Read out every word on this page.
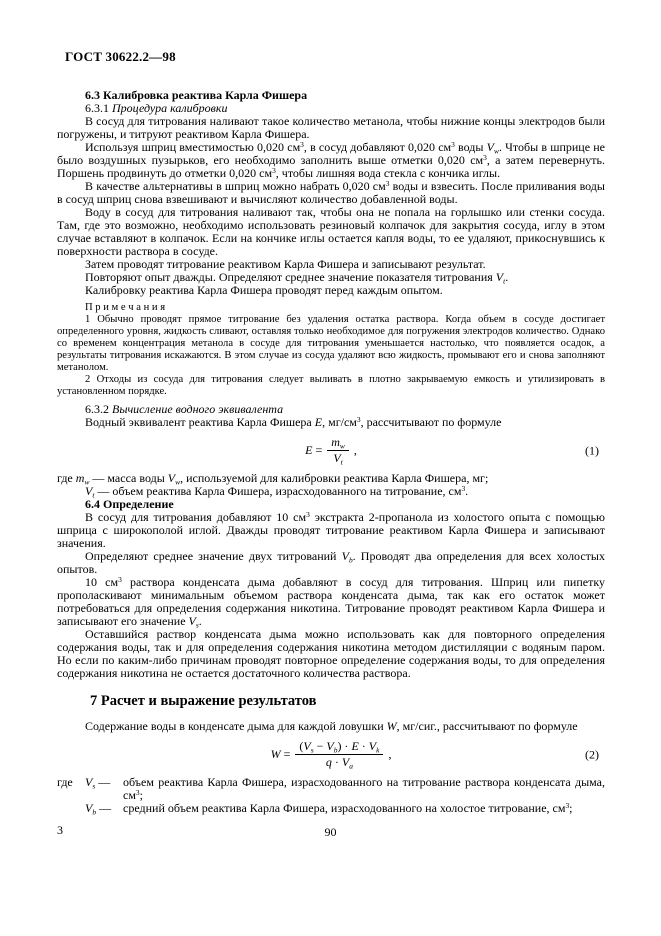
ГОСТ 30622.2—98

6.3 Калибровка реактива Карла Фишера

6.3.1 Процедура калибровки

В сосуд для титрования наливают такое количество метанола, чтобы нижние концы электродов были погружены, и титруют реактивом Карла Фишера.

Используя шприц вместимостью 0,020 $см^3$, в сосуд добавляют 0,020 $см^3$ воды $V_w$. Чтобы в шприце не было воздушных пузырьков, его необходимо заполнить выше отметки 0,020 $см^3$, а затем перевернуть. Поршень продвинуть до отметки 0,020 $см^3$, чтобы лишняя вода стекла с кончика иглы.

В качестве альтернативы в шприц можно набрать 0,020 $см^3$ воды и взвесить. После приливания воды в сосуд шприц снова взвешивают и вычисляют количество добавленной воды.

Воду в сосуд для титрования наливают так, чтобы она не попала на горлышко или стенки сосуда. Там, где это возможно, необходимо использовать резиновый колпачок для закрытия сосуда, иглу в этом случае вставляют в колпачок. Если на кончике иглы остается капля воды, то ее удаляют, прикоснувшись к поверхности раствора в сосуде.

Затем проводят титрование реактивом Карла Фишера и записывают результат.

Повторяют опыт дважды. Определяют среднее значение показателя титрования $V_t$.

Калибровку реактива Карла Фишера проводят перед каждым опытом.

П р и м е ч а н и я

1 Обычно проводят прямое титрование без удаления остатка раствора. Когда объем в сосуде достигает определенного уровня, жидкость сливают, оставляя только необходимое для погружения электродов количество. Однако со временем концентрация метанола в сосуде для титрования уменьшается настолько, что появляется осадок, а результаты титрования искажаются. В этом случае из сосуда удаляют всю жидкость, промывают его и снова заполняют метанолом.

2 Отходы из сосуда для титрования следует выливать в плотно закрываемую емкость и утилизировать в установленном порядке.

6.3.2 Вычисление водного эквивалента

Водный эквивалент реактива Карла Фишера E, $мг/см^3$, рассчитывают по формуле

$E = \frac{m_w}{V_t}$ ,	(1)

где $m_w$ — масса воды $V_w$, используемой для калибровки реактива Карла Фишера, мг;

$V_t$ — объем реактива Карла Фишера, израсходованного на титрование, $см^3$.

6.4 Определение

В сосуд для титрования добавляют 10 $см^3$ экстракта 2-пропанола из холостого опыта с помощью шприца с широкополой иглой. Дважды проводят титрование реактивом Карла Фишера и записывают значения.

Определяют среднее значение двух титрований $V_b$. Проводят два определения для всех холостых опытов.

10 $см^3$ раствора конденсата дыма добавляют в сосуд для титрования. Шприц или пипетку прополаскивают минимальным объемом раствора конденсата дыма, так как его остаток может потребоваться для определения содержания никотина. Титрование проводят реактивом Карла Фишера и записывают его значение $V_s$.

Оставшийся раствор конденсата дыма можно использовать как для повторного определения содержания воды, так и для определения содержания никотина методом дистилляции с водяным паром. Но если по каким-либо причинам проводят повторное определение содержания воды, то для определения содержания никотина не остается достаточного количества раствора.

7 Расчет и выражение результатов

Содержание воды в конденсате дыма для каждой ловушки W, мг/сиг., рассчитывают по формуле

$W = \frac{(V_s - V_b) \cdot E \cdot V_k}{q \cdot V_a}$ ,	(2)
где	$V_s$ —	объем реактива Карла Фишера, израсходованного на титрование раствора конденсата дыма, $см^3$;
$V_b$ — средний объем реактива Карла Фишера, израсходованного на холостое титрование, $см^3$;
3	90
